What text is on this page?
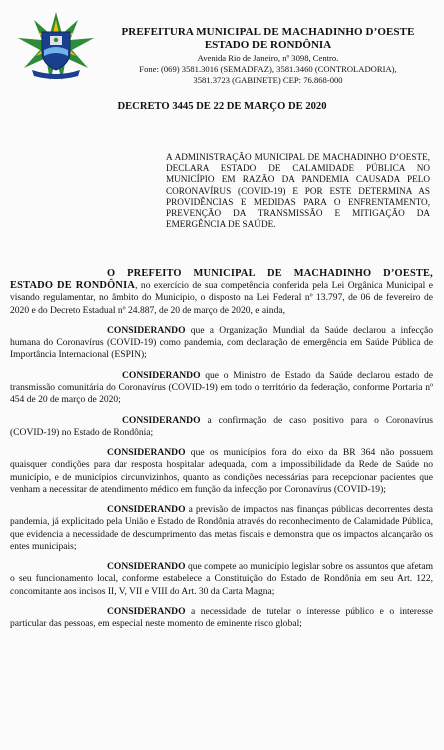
PREFEITURA MUNICIPAL DE MACHADINHO D’OESTE
ESTADO DE RONDÔNIA
Avenida Rio de Janeiro, nº 3098, Centro.
Fone: (069) 3581.3016 (SEMADFAZ), 3581.3460 (CONTROLADORIA),
3581.3723 (GABINETE) CEP: 76.868-000
DECRETO 3445 DE 22 DE MARÇO DE 2020
A ADMINISTRAÇÃO MUNICIPAL DE MACHADINHO D’OESTE, DECLARA ESTADO DE CALAMIDADE PÚBLICA NO MUNICÍPIO EM RAZÃO DA PANDEMIA CAUSADA PELO CORONAVÍRUS (COVID-19) E POR ESTE DETERMINA AS PROVIDÊNCIAS E MEDIDAS PARA O ENFRENTAMENTO, PREVENÇÃO DA TRANSMISSÃO E MITIGAÇÃO DA EMERGÊNCIA DE SAÚDE.

O PREFEITO MUNICIPAL DE MACHADINHO D’OESTE, ESTADO DE RONDÔNIA, no exercício de sua competência conferida pela Lei Orgânica Municipal e visando regulamentar, no âmbito do Município, o disposto na Lei Federal nº 13.797, de 06 de fevereiro de 2020 e do Decreto Estadual nº 24.887, de 20 de março de 2020, e ainda,

CONSIDERANDO que a Organização Mundial da Saúde declarou a infecção humana do Coronavírus (COVID-19) como pandemia, com declaração de emergência em Saúde Pública de Importância Internacional (ESPIN);

CONSIDERANDO que o Ministro de Estado da Saúde declarou estado de transmissão comunitária do Coronavírus (COVID-19) em todo o território da federação, conforme Portaria nº 454 de 20 de março de 2020;

CONSIDERANDO a confirmação de caso positivo para o Coronavírus (COVID-19) no Estado de Rondônia;

CONSIDERANDO que os municípios fora do eixo da BR 364 não possuem quaisquer condições para dar resposta hospitalar adequada, com a impossibilidade da Rede de Saúde no município, e de municípios circunvizinhos, quanto as condições necessárias para recepcionar pacientes que venham a necessitar de atendimento médico em função da infecção por Coronavírus (COVID-19);

CONSIDERANDO a previsão de impactos nas finanças públicas decorrentes desta pandemia, já explicitado pela União e Estado de Rondônia através do reconhecimento de Calamidade Pública, que evidencia a necessidade de descumprimento das metas fiscais e demonstra que os impactos alcançarão os entes municipais;

CONSIDERANDO que compete ao município legislar sobre os assuntos que afetam o seu funcionamento local, conforme estabelece a Constituição do Estado de Rondônia em seu Art. 122, concomitante aos incisos II, V, VII e VIII do Art. 30 da Carta Magna;

CONSIDERANDO a necessidade de tutelar o interesse público e o interesse particular das pessoas, em especial neste momento de eminente risco global;
